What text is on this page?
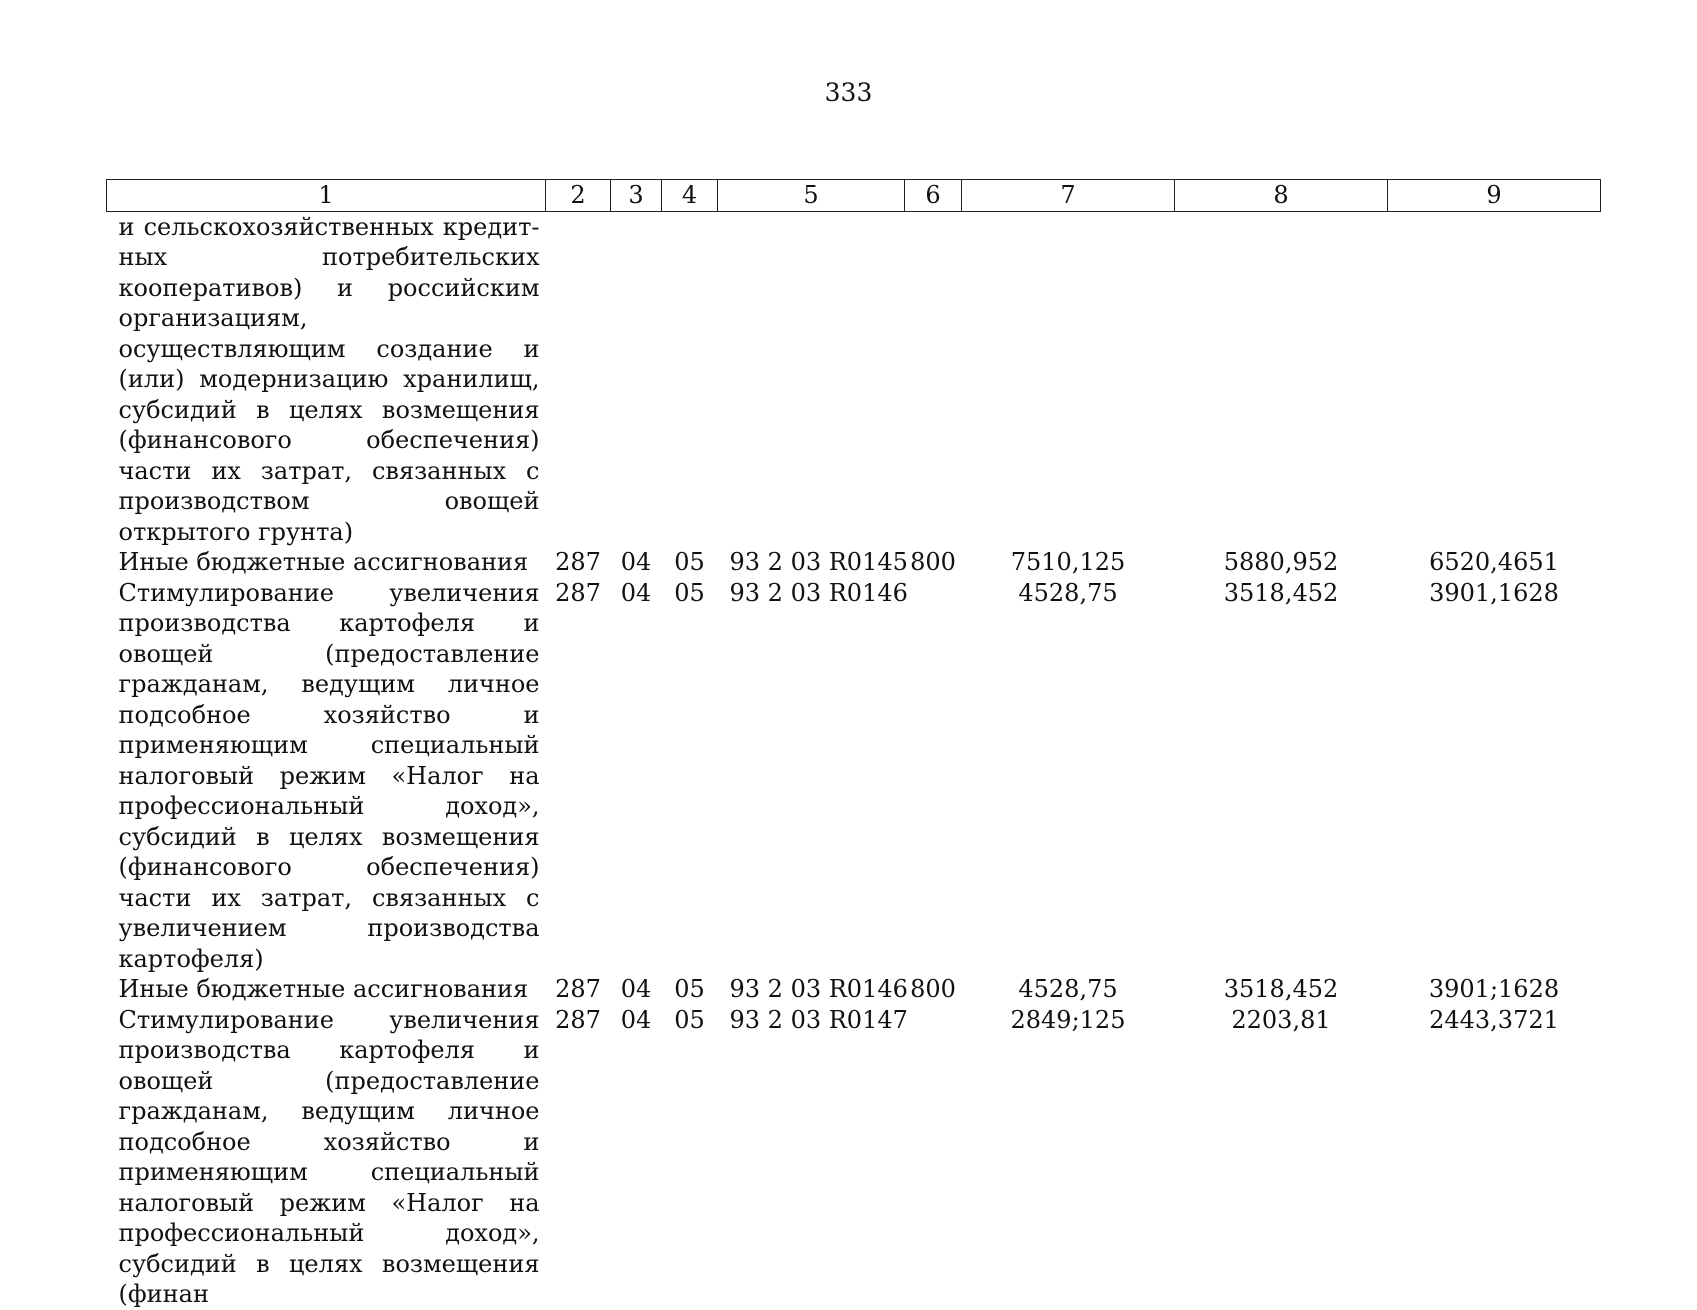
333
1	2	3	4	5	6	7	8	9
и сельскохозяйственных кредитных потребительских кооперативов) и российским организациям, осуществляющим создание и (или) модернизацию хранилищ, субсидий в целях возмещения (финансового обеспечения) части их затрат, связанных с производством овощей открытого грунта)								
Иные бюджетные ассигнования	287	04	05	93 2 03 R0145	800	7510,125	5880,952	6520,4651
Стимулирование увеличения производства картофеля и овощей (предоставление гражданам, ведущим личное подсобное хозяйство и применяющим специальный налоговый режим «Налог на профессиональный доход», субсидий в целях возмещения (финансового обеспечения) части их затрат, связанных с увеличением производства картофеля)	287	04	05	93 2 03 R0146		4528,75	3518,452	3901,1628
Иные бюджетные ассигнования	287	04	05	93 2 03 R0146	800	4528,75	3518,452	3901;1628
Стимулирование увеличения производства картофеля и овощей (предоставление гражданам, ведущим личное подсобное хозяйство и применяющим специальный налоговый режим «Налог на профессиональный доход», субсидий в целях возмещения (финан	287	04	05	93 2 03 R0147		2849;125	2203,81	2443,3721
